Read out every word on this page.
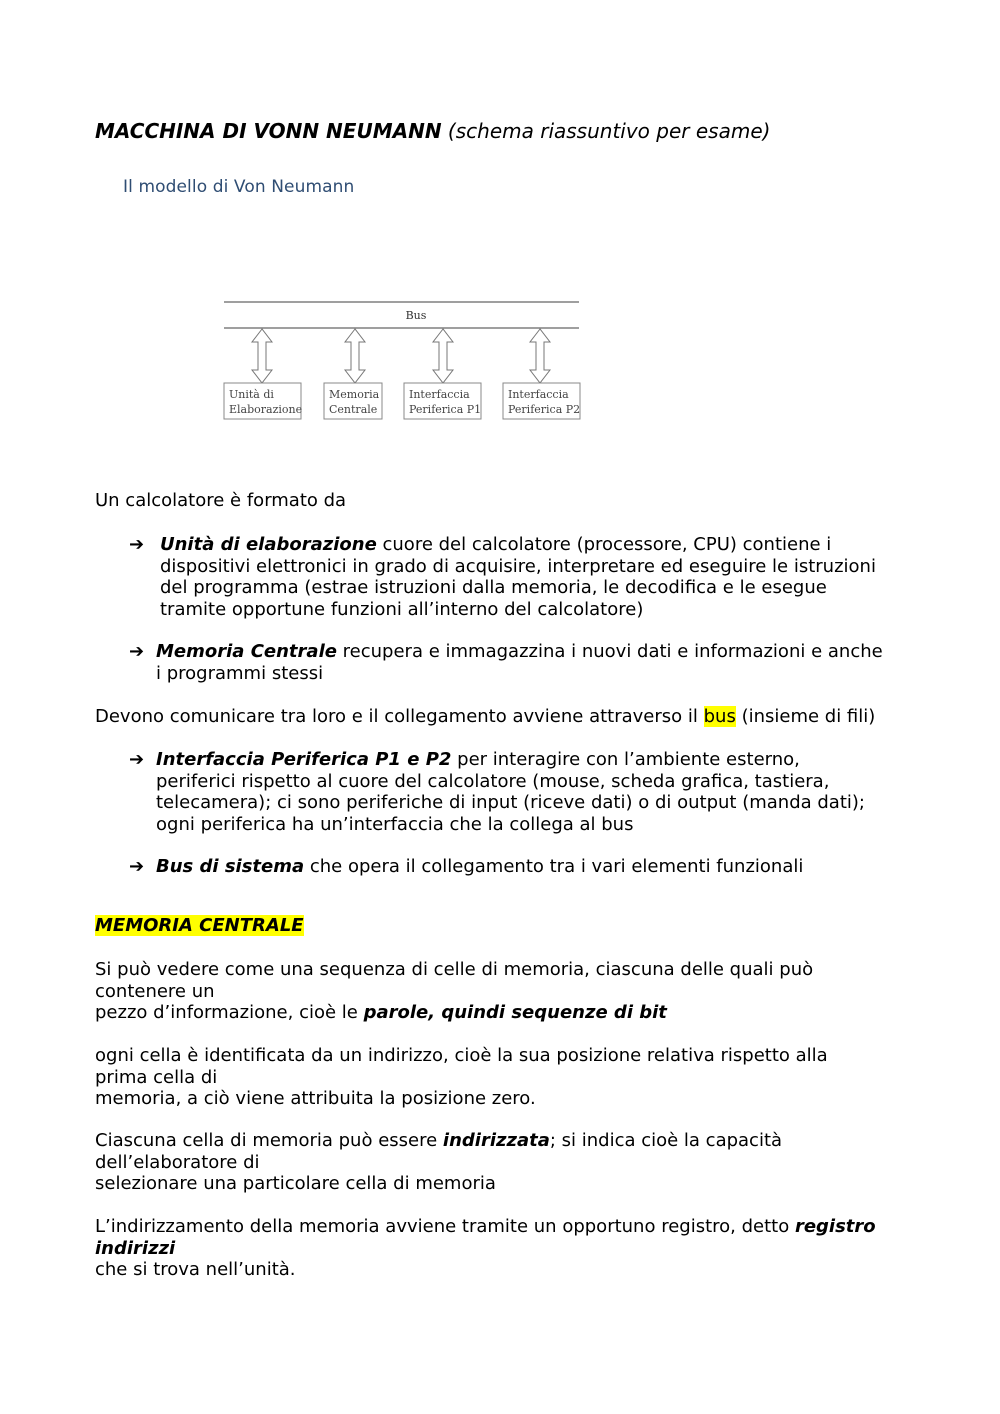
MACCHINA DI VONN NEUMANN (schema riassuntivo per esame)
Il modello di Von Neumann
Bus
Unità di
Elaborazione
Memoria
Centrale
Interfaccia
Periferica P1
Interfaccia
Periferica P2
Un calcolatore è formato da
➔ Unità di elaborazione cuore del calcolatore (processore, CPU) contiene i
dispositivi elettronici in grado di acquisire, interpretare ed eseguire le istruzioni
del programma (estrae istruzioni dalla memoria, le decodifica e le esegue
tramite opportune funzioni all’interno del calcolatore)
➔ Memoria Centrale recupera e immagazzina i nuovi dati e informazioni e anche
i programmi stessi
Devono comunicare tra loro e il collegamento avviene attraverso il bus (insieme di fili)
➔ Interfaccia Periferica P1 e P2 per interagire con l’ambiente esterno,
periferici rispetto al cuore del calcolatore (mouse, scheda grafica, tastiera,
telecamera); ci sono periferiche di input (riceve dati) o di output (manda dati);
ogni periferica ha un’interfaccia che la collega al bus
➔ Bus di sistema che opera il collegamento tra i vari elementi funzionali
MEMORIA CENTRALE
Si può vedere come una sequenza di celle di memoria, ciascuna delle quali può
contenere un
pezzo d’informazione, cioè le parole, quindi sequenze di bit
ogni cella è identificata da un indirizzo, cioè la sua posizione relativa rispetto alla
prima cella di
memoria, a ciò viene attribuita la posizione zero.
Ciascuna cella di memoria può essere indirizzata; si indica cioè la capacità
dell’elaboratore di
selezionare una particolare cella di memoria
L’indirizzamento della memoria avviene tramite un opportuno registro, detto registro
indirizzi
che si trova nell’unità.
